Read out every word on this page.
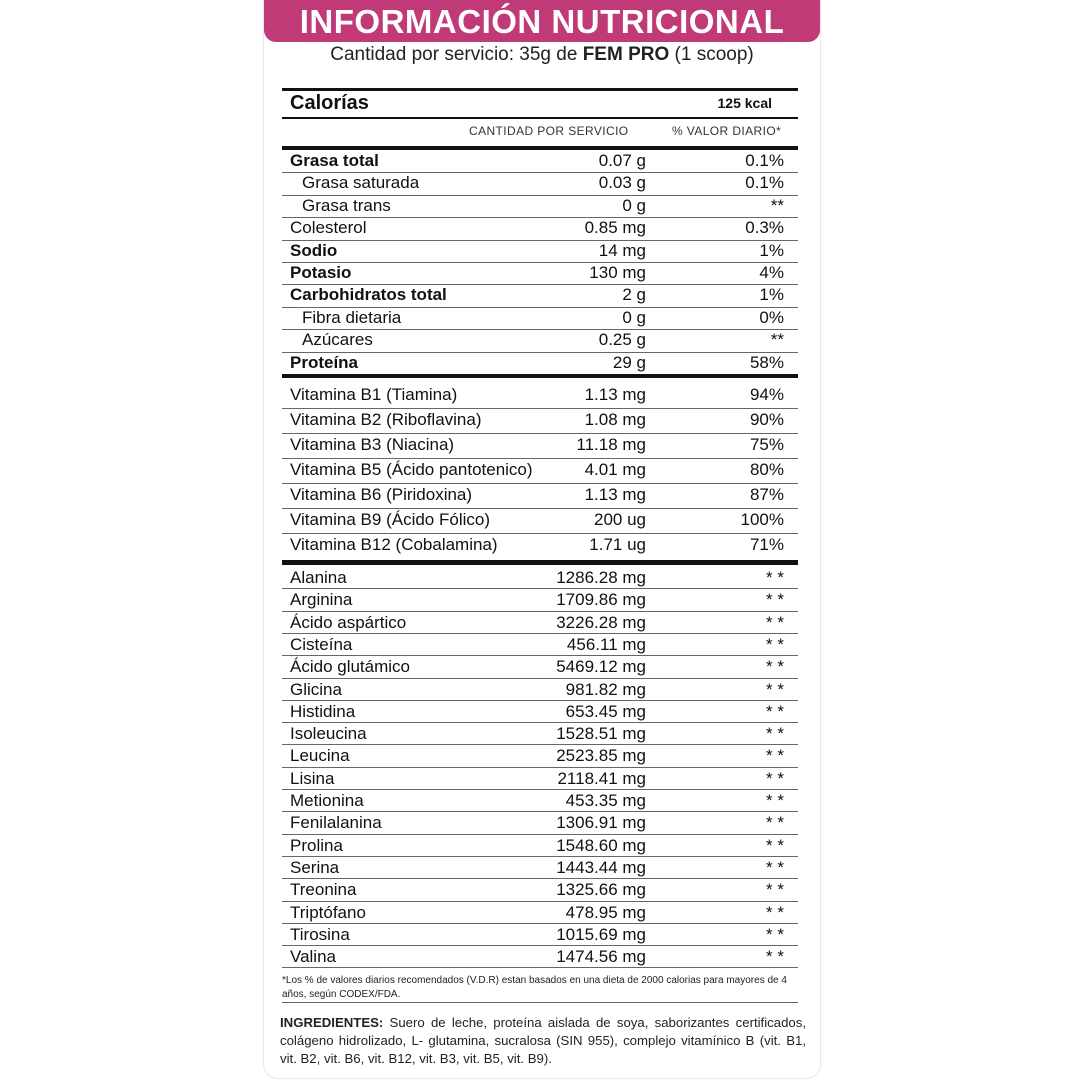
INFORMACIÓN NUTRICIONAL
Cantidad por servicio: 35g de FEM PRO (1 scoop)
Calorías	125 kcal
CANTIDAD POR SERVICIO	% VALOR DIARIO*
Grasa total	0.07 g	0.1%
Grasa saturada	0.03 g	0.1%
Grasa trans	0 g	**
Colesterol	0.85 mg	0.3%
Sodio	14 mg	1%
Potasio	130 mg	4%
Carbohidratos total	2 g	1%
Fibra dietaria	0 g	0%
Azúcares	0.25 g	**
Proteína	29 g	58%
Vitamina B1 (Tiamina)	1.13 mg	94%
Vitamina B2 (Riboflavina)	1.08 mg	90%
Vitamina B3 (Niacina)	11.18 mg	75%
Vitamina B5 (Ácido pantotenico)	4.01 mg	80%
Vitamina B6 (Piridoxina)	1.13 mg	87%
Vitamina B9 (Ácido Fólico)	200 ug	100%
Vitamina B12 (Cobalamina)	1.71 ug	71%
Alanina	1286.28 mg	* *
Arginina	1709.86 mg	* *
Ácido aspártico	3226.28 mg	* *
Cisteína	456.11 mg	* *
Ácido glutámico	5469.12 mg	* *
Glicina	981.82 mg	* *
Histidina	653.45 mg	* *
Isoleucina	1528.51 mg	* *
Leucina	2523.85 mg	* *
Lisina	2118.41 mg	* *
Metionina	453.35 mg	* *
Fenilalanina	1306.91 mg	* *
Prolina	1548.60 mg	* *
Serina	1443.44 mg	* *
Treonina	1325.66 mg	* *
Triptófano	478.95 mg	* *
Tirosina	1015.69 mg	* *
Valina	1474.56 mg	* *
*Los % de valores diarios recomendados (V.D.R) estan basados en una dieta de 2000 calorias para mayores de 4 años, según CODEX/FDA.
INGREDIENTES: Suero de leche, proteína aislada de soya, saborizantes certificados, colágeno hidrolizado, L- glutamina, sucralosa (SIN 955), complejo vitamínico B (vit. B1, vit. B2, vit. B6, vit. B12, vit. B3, vit. B5, vit. B9).
